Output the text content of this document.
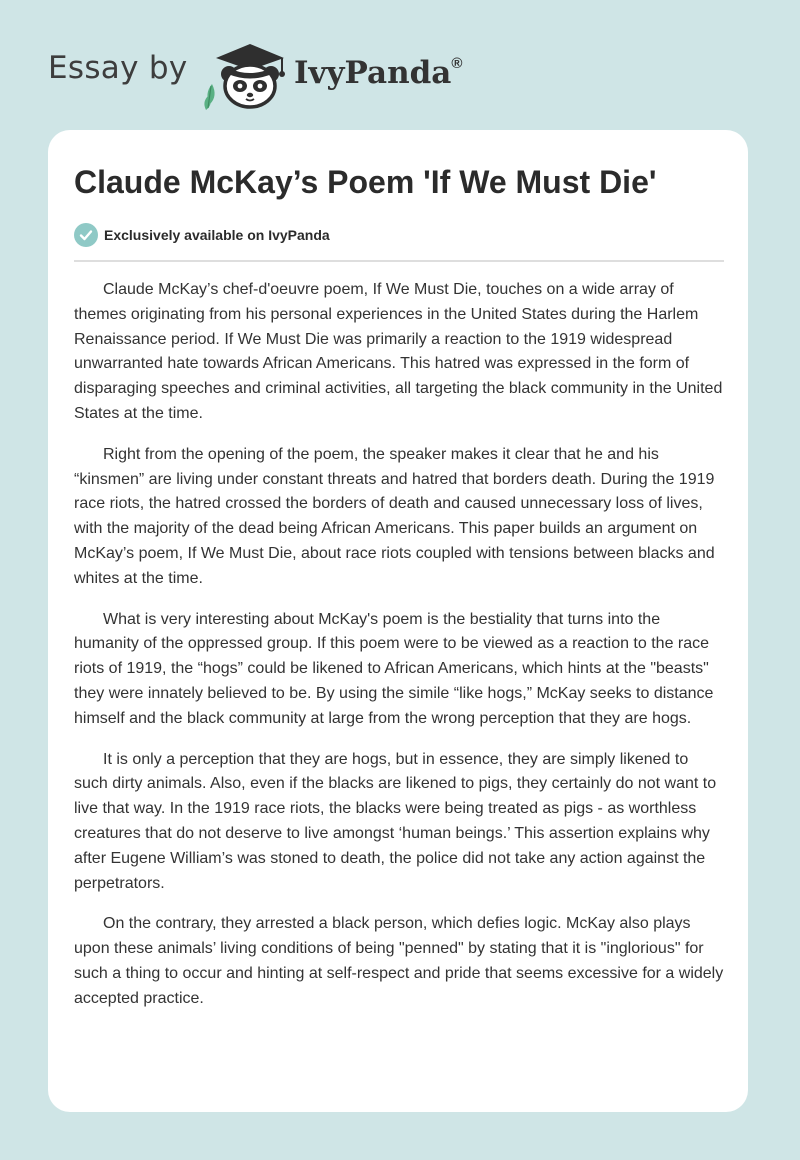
Essay by	IvyPanda®
Claude McKay’s Poem 'If We Must Die'
Exclusively available on IvyPanda

Claude McKay’s chef-d'oeuvre poem, If We Must Die, touches on a wide array of themes originating from his personal experiences in the United States during the Harlem Renaissance period. If We Must Die was primarily a reaction to the 1919 widespread unwarranted hate towards African Americans. This hatred was expressed in the form of disparaging speeches and criminal activities, all targeting the black community in the United States at the time.

Right from the opening of the poem, the speaker makes it clear that he and his “kinsmen” are living under constant threats and hatred that borders death. During the 1919 race riots, the hatred crossed the borders of death and caused unnecessary loss of lives, with the majority of the dead being African Americans. This paper builds an argument on McKay’s poem, If We Must Die, about race riots coupled with tensions between blacks and whites at the time.

What is very interesting about McKay's poem is the bestiality that turns into the humanity of the oppressed group. If this poem were to be viewed as a reaction to the race riots of 1919, the “hogs” could be likened to African Americans, which hints at the "beasts" they were innately believed to be. By using the simile “like hogs,” McKay seeks to distance himself and the black community at large from the wrong perception that they are hogs.

It is only a perception that they are hogs, but in essence, they are simply likened to such dirty animals. Also, even if the blacks are likened to pigs, they certainly do not want to live that way. In the 1919 race riots, the blacks were being treated as pigs - as worthless creatures that do not deserve to live amongst ‘human beings.’ This assertion explains why after Eugene William’s was stoned to death, the police did not take any action against the perpetrators.

On the contrary, they arrested a black person, which defies logic. McKay also plays upon these animals’ living conditions of being "penned" by stating that it is "inglorious" for such a thing to occur and hinting at self-respect and pride that seems excessive for a widely accepted practice.
